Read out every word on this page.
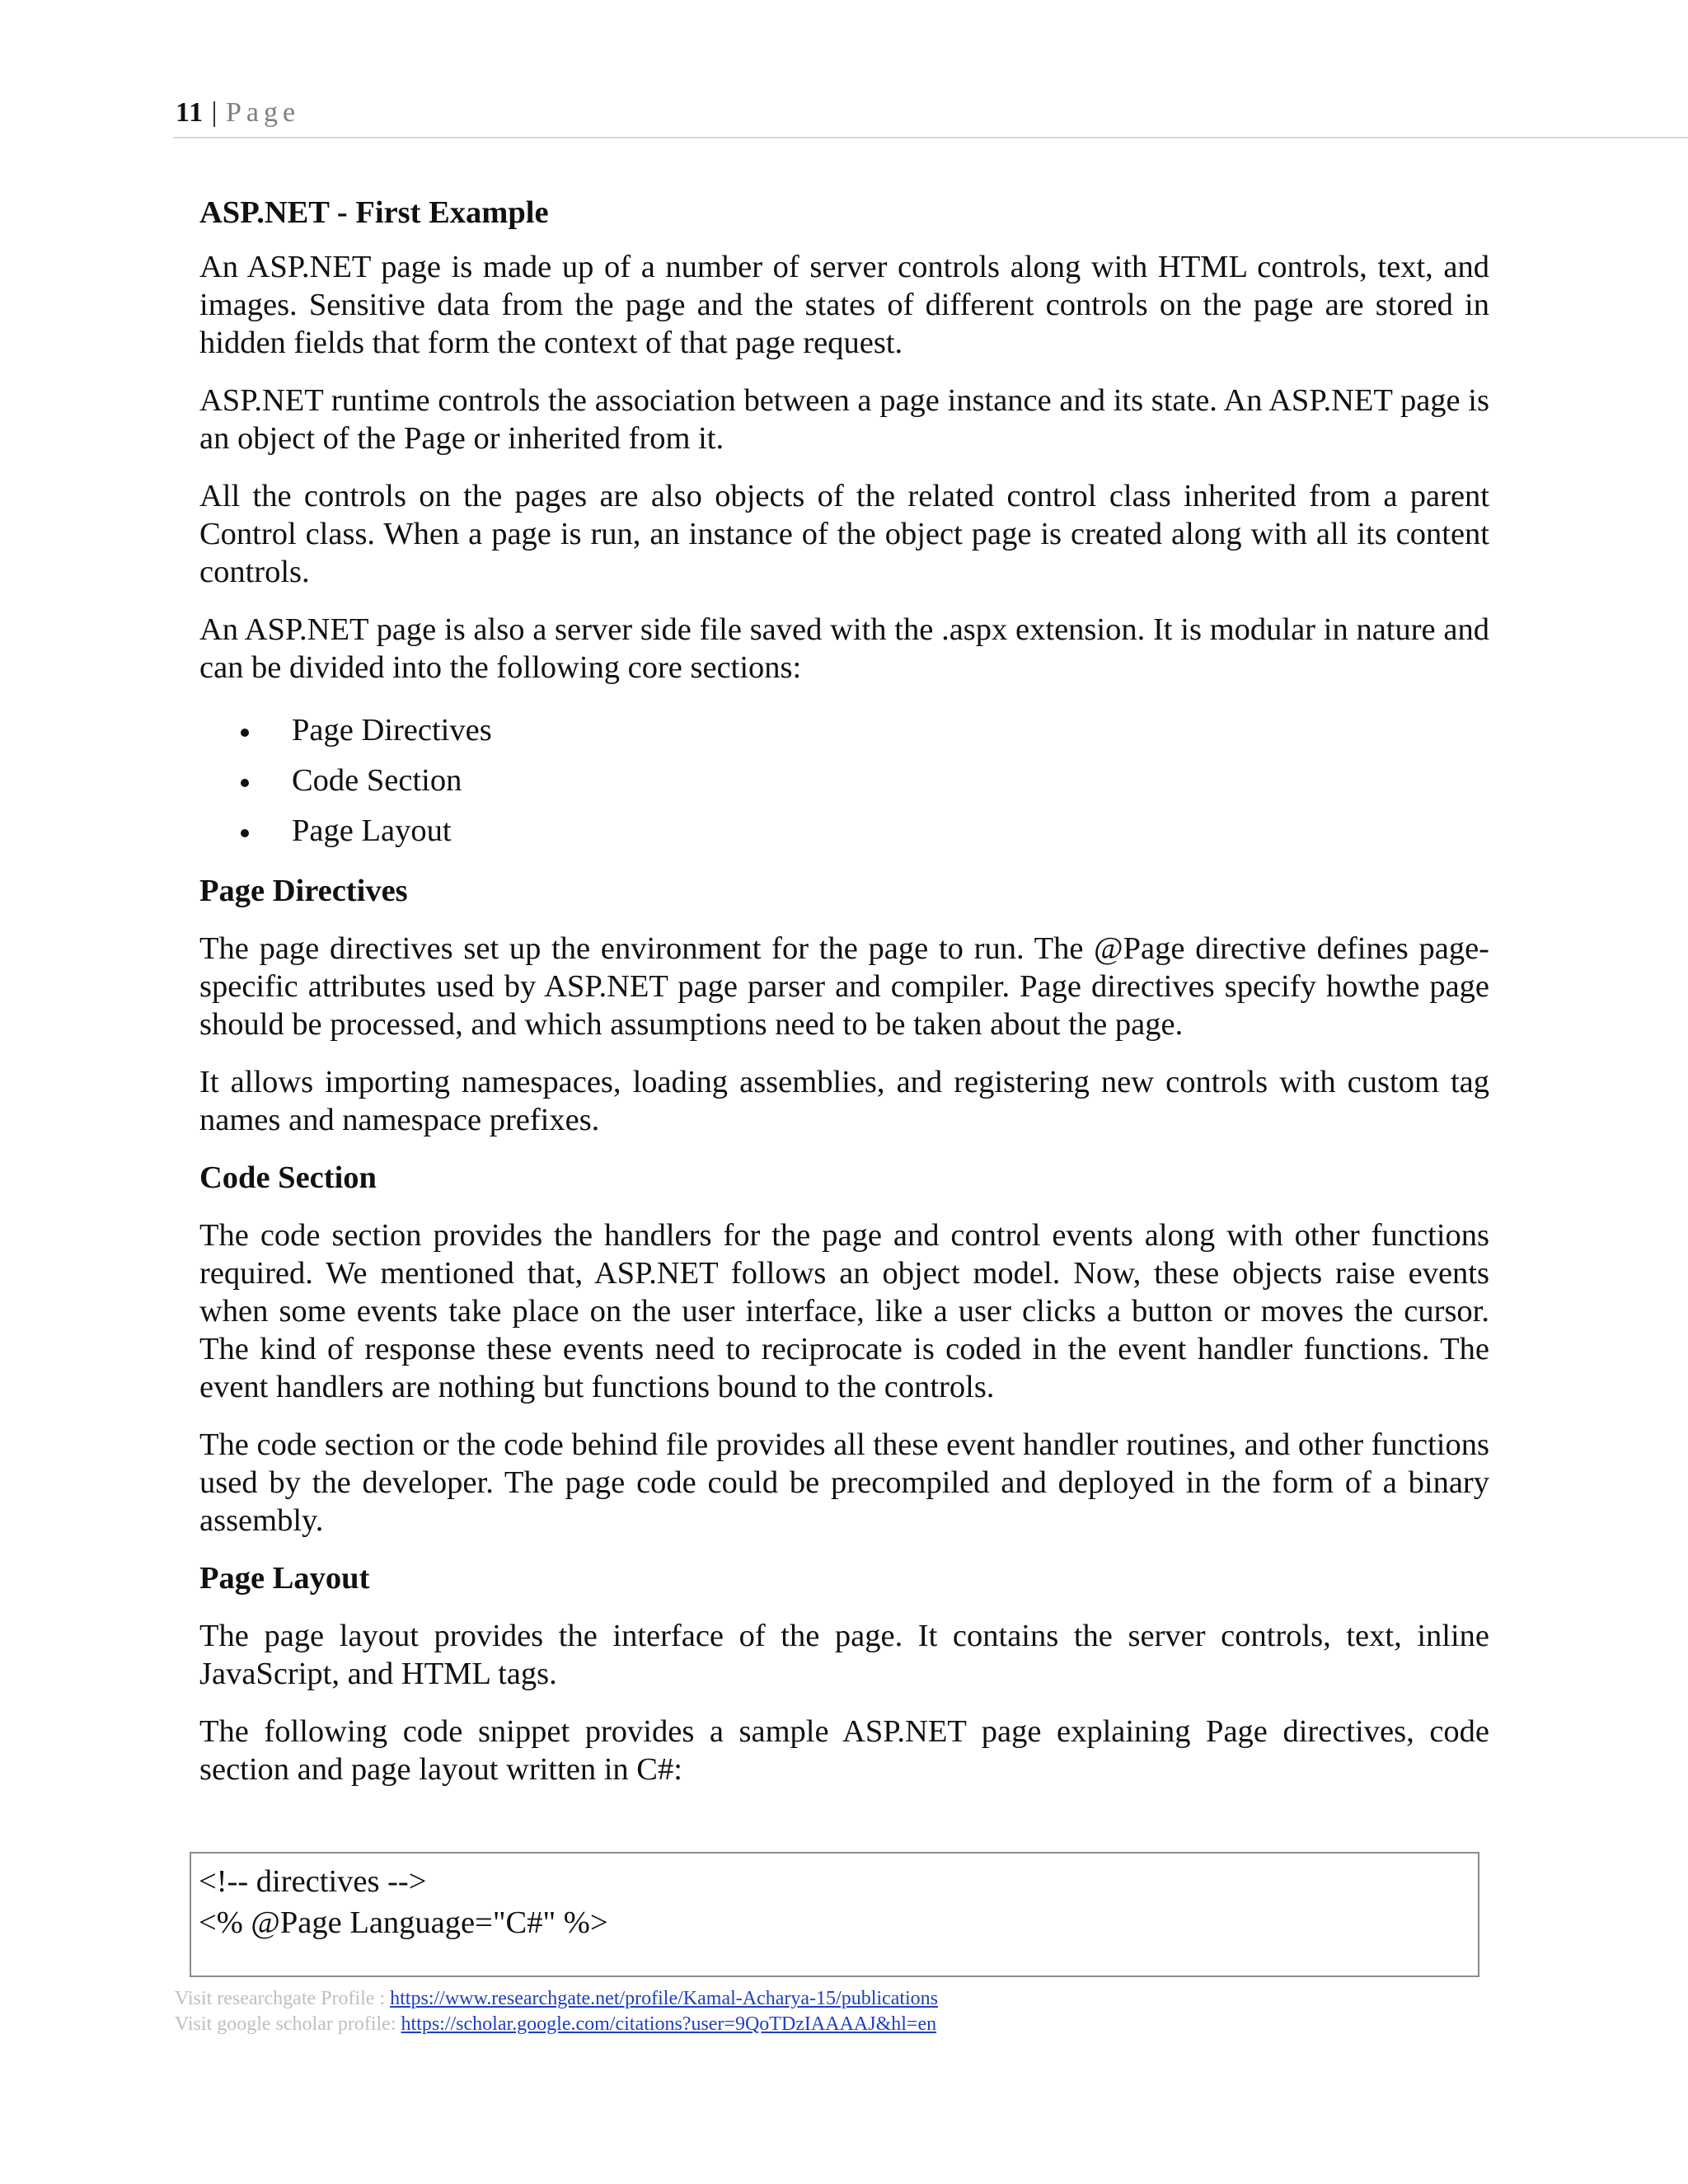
11 | Page
ASP.NET - First Example

An ASP.NET page is made up of a number of server controls along with HTML controls, text, and images. Sensitive data from the page and the states of different controls on the page are stored in hidden fields that form the context of that page request.

ASP.NET runtime controls the association between a page instance and its state. An ASP.NET page is an object of the Page or inherited from it.

All the controls on the pages are also objects of the related control class inherited from a parent Control class. When a page is run, an instance of the object page is created along with all its content controls.

An ASP.NET page is also a server side file saved with the .aspx extension. It is modular in nature and can be divided into the following core sections:

Page Directives
Code Section
Page Layout
Page Directives

The page directives set up the environment for the page to run. The @Page directive defines page-specific attributes used by ASP.NET page parser and compiler. Page directives specify howthe page should be processed, and which assumptions need to be taken about the page.

It allows importing namespaces, loading assemblies, and registering new controls with custom tag names and namespace prefixes.

Code Section

The code section provides the handlers for the page and control events along with other functions required. We mentioned that, ASP.NET follows an object model. Now, these objects raise events when some events take place on the user interface, like a user clicks a button or moves the cursor. The kind of response these events need to reciprocate is coded in the event handler functions. The event handlers are nothing but functions bound to the controls.

The code section or the code behind file provides all these event handler routines, and other functions used by the developer. The page code could be precompiled and deployed in the form of a binary assembly.

Page Layout

The page layout provides the interface of the page. It contains the server controls, text, inline JavaScript, and HTML tags.

The following code snippet provides a sample ASP.NET page explaining Page directives, code section and page layout written in C#:

<!-- directives -->
<% @Page Language="C#" %>
Visit researchgate Profile : https://www.researchgate.net/profile/Kamal-Acharya-15/publications
Visit google scholar profile: https://scholar.google.com/citations?user=9QoTDzIAAAAJ&hl=en
